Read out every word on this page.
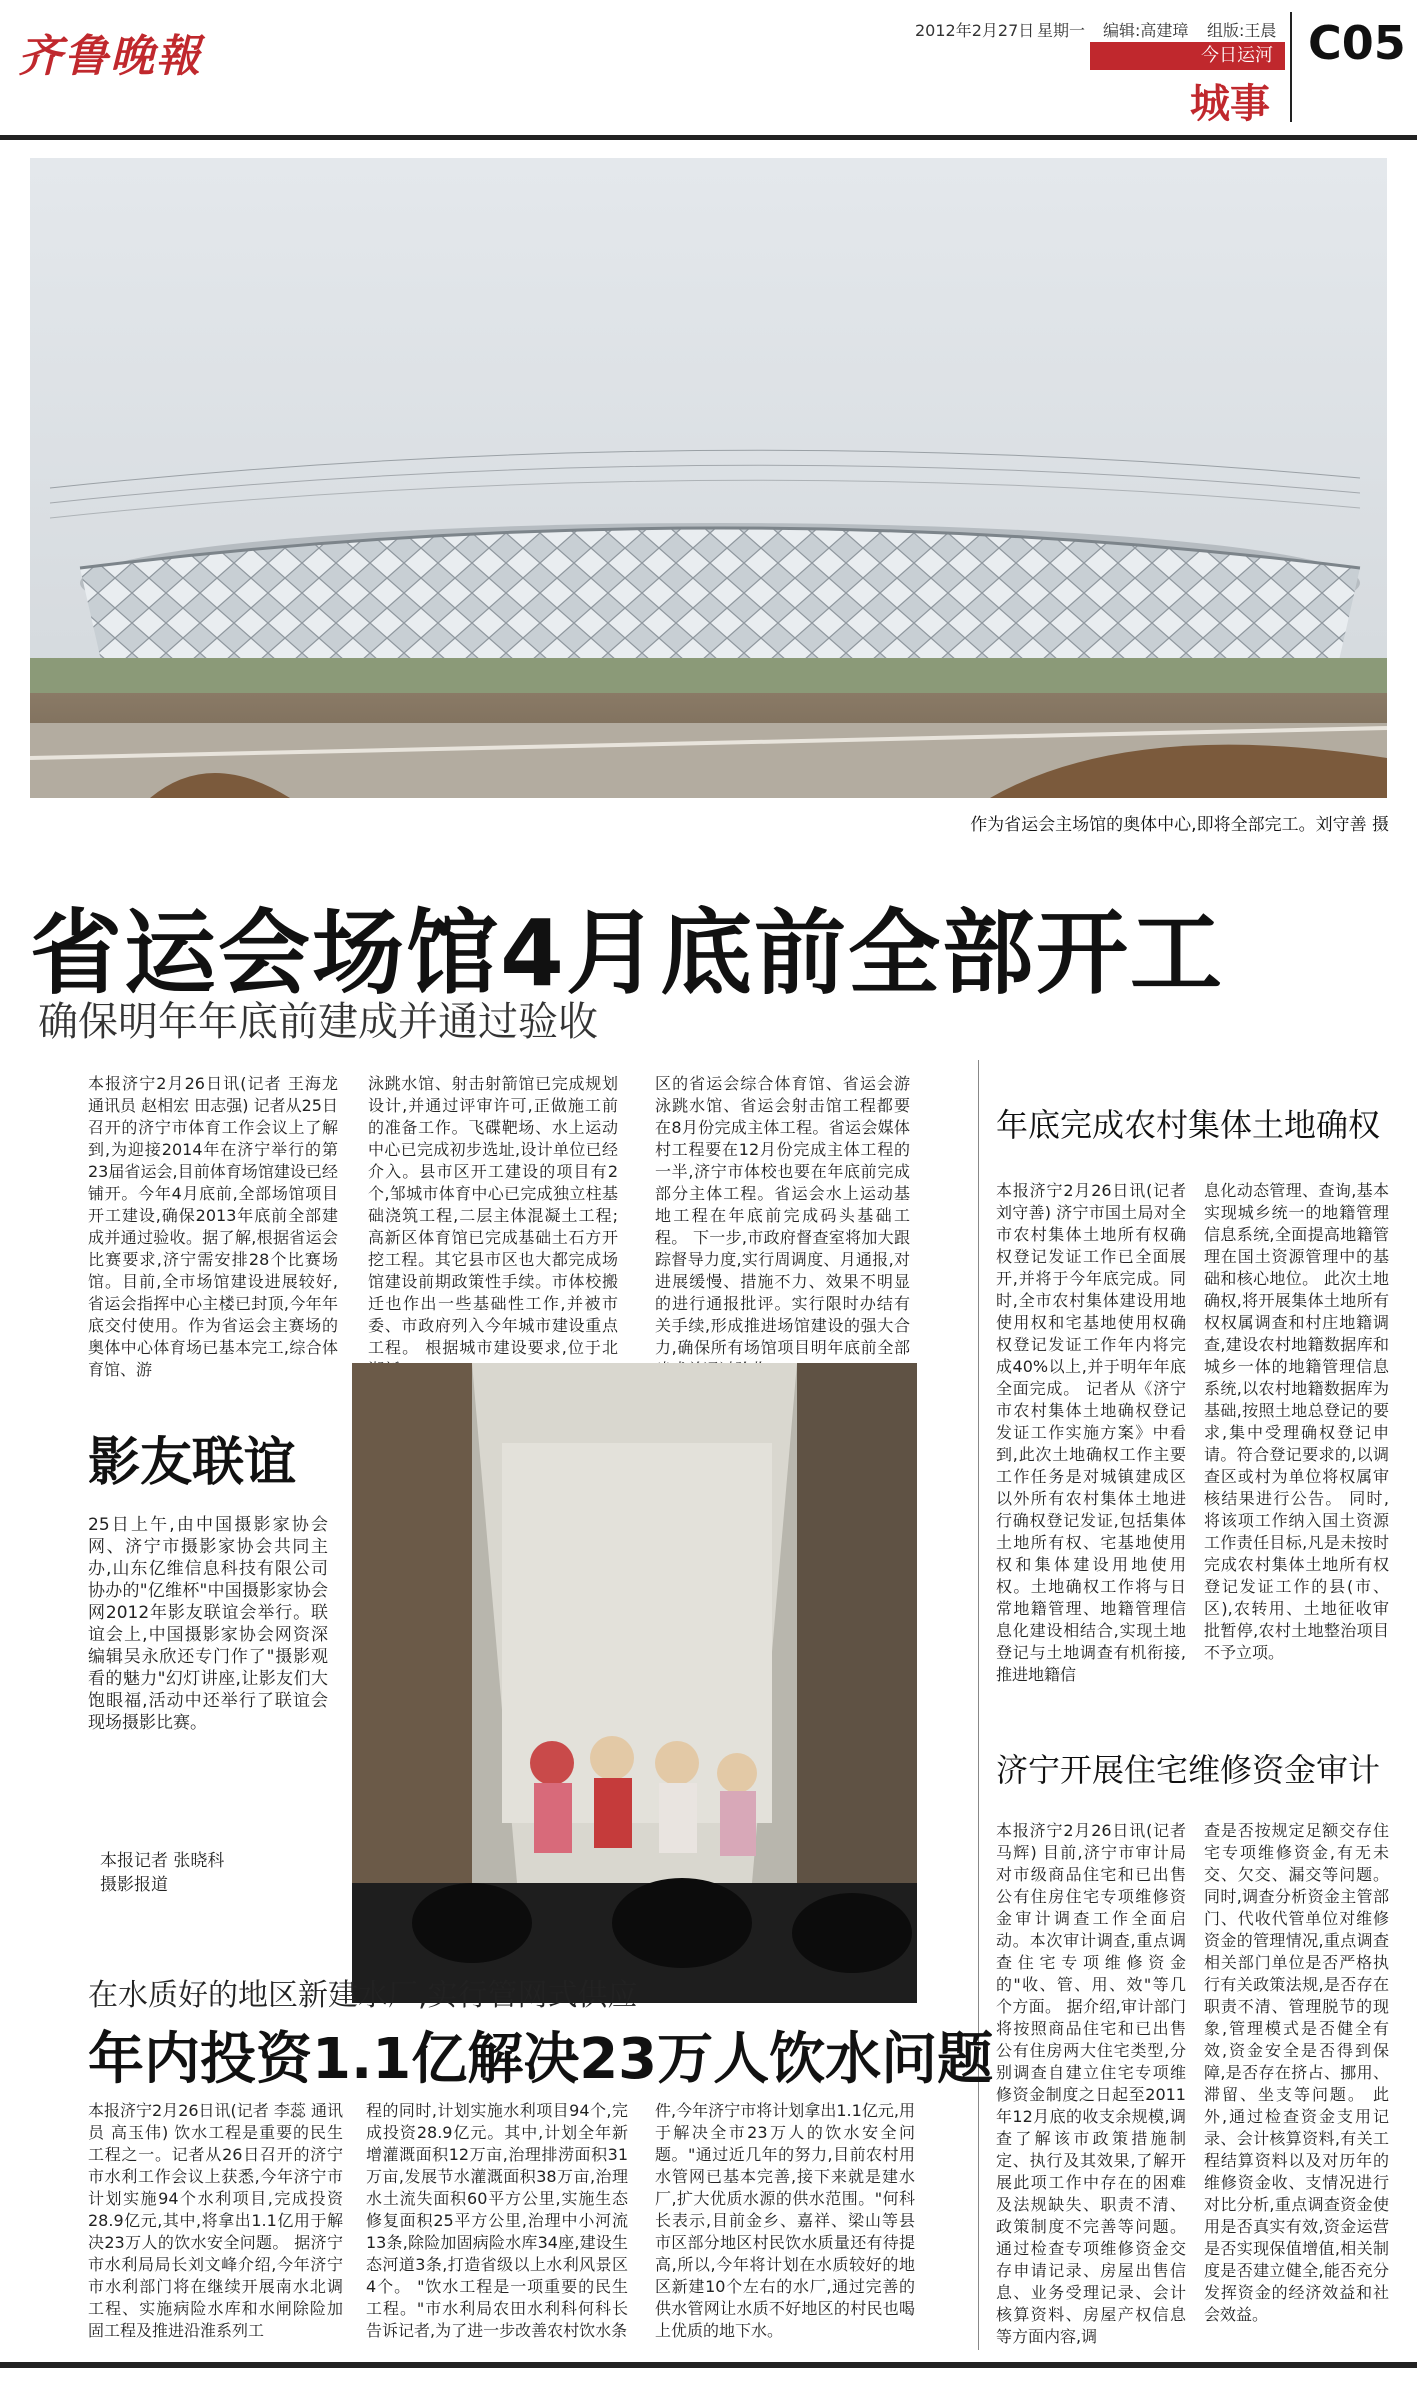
齐鲁晚報
2012年2月27日 星期一 编辑:高建璋 组版:王晨
今日运河
城事
C05
作为省运会主场馆的奥体中心,即将全部完工。刘守善 摄
省运会场馆4月底前全部开工
确保明年年底前建成并通过验收
本报济宁2月26日讯(记者 王海龙 通讯员 赵相宏 田志强) 记者从25日召开的济宁市体育工作会议上了解到,为迎接2014年在济宁举行的第23届省运会,目前体育场馆建设已经铺开。今年4月底前,全部场馆项目开工建设,确保2013年底前全部建成并通过验收。据了解,根据省运会比赛要求,济宁需安排28个比赛场馆。目前,全市场馆建设进展较好,省运会指挥中心主楼已封顶,今年年底交付使用。作为省运会主赛场的奥体中心体育场已基本完工,综合体育馆、游
泳跳水馆、射击射箭馆已完成规划设计,并通过评审许可,正做施工前的准备工作。飞碟靶场、水上运动中心已完成初步选址,设计单位已经介入。县市区开工建设的项目有2个,邹城市体育中心已完成独立柱基础浇筑工程,二层主体混凝土工程;高新区体育馆已完成基础土石方开挖工程。其它县市区也大都完成场馆建设前期政策性手续。市体校搬迁也作出一些基础性工作,并被市委、市政府列入今年城市建设重点工程。 根据城市建设要求,位于北
区的省运会综合体育馆、省运会游泳跳水馆、省运会射击馆工程都要在8月份完成主体工程。省运会媒体村工程要在12月份完成主体工程的一半,济宁市体校也要在年底前完成部分主体工程。省运会水上运动基地工程在年底前完成码头基础工程。 下一步,市政府督查室将加大跟踪督导力度,实行周调度、月通报,对进展缓慢、措施不力、效果不明显的进行通报批评。实行限时办结有关手续,形成推进场馆建设的强大合力,确保所有场馆项目明年底前全部
年底完成农村集体土地确权
本报济宁2月26日讯(记者 刘守善) 济宁市国土局对全市农村集体土地所有权确权登记发证工作已全面展开,并将于今年底完成。同时,全市农村集体建设用地使用权和宅基地使用权确权登记发证工作年内将完成40%以上,并于明年年底全面完成。 记者从《济宁市农村集体土地确权登记发证工作实施方案》中看到,此次土地确权工作主要工作任务是对城镇建成区以外所有农村集体土地进行确权登记发证,包括集体土地所有权、宅基地使用权和集体建设用地使用权。土地确权工作将与日常地籍管理、地籍管理信息化建设相结合,实现土地登记与土地调查有机衔接,推进地籍信
息化动态管理、查询,基本实现城乡统一的地籍管理信息系统,全面提高地籍管理在国土资源管理中的基础和核心地位。 此次土地确权,将开展集体土地所有权权属调查和村庄地籍调查,建设农村地籍数据库和城乡一体的地籍管理信息系统,以农村地籍数据库为基础,按照土地总登记的要求,集中受理确权登记申请。符合登记要求的,以调查区或村为单位将权属审核结果进行公告。 同时,将该项工作纳入国土资源工作责任目标,凡是未按时完成农村集体土地所有权登记发证工作的县(市、区),农转用、土地征收审批暂停,农村土地整治项目不予立项。
济宁开展住宅维修资金审计
本报济宁2月26日讯(记者 马辉) 目前,济宁市审计局对市级商品住宅和已出售公有住房住宅专项维修资金审计调查工作全面启动。本次审计调查,重点调查住宅专项维修资金的"收、管、用、效"等几个方面。 据介绍,审计部门将按照商品住宅和已出售公有住房两大住宅类型,分别调查自建立住宅专项维修资金制度之日起至2011年12月底的收支余规模,调查了解该市政策措施制定、执行及其效果,了解开展此项工作中存在的困难及法规缺失、职责不清、政策制度不完善等问题。 通过检查专项维修资金交存申请记录、房屋出售信息、业务受理记录、会计核算资料、房屋产权信息等方面内容,调
查是否按规定足额交存住宅专项维修资金,有无未交、欠交、漏交等问题。 同时,调查分析资金主管部门、代收代管单位对维修资金的管理情况,重点调查相关部门单位是否严格执行有关政策法规,是否存在职责不清、管理脱节的现象,管理模式是否健全有效,资金安全是否得到保障,是否存在挤占、挪用、滞留、坐支等问题。 此外,通过检查资金支用记录、会计核算资料,有关工程结算资料以及对历年的维修资金收、支情况进行对比分析,重点调查资金使用是否真实有效,资金运营是否实现保值增值,相关制度是否建立健全,能否充分发挥资金的经济效益和社会效益。
影友联谊
25日上午,由中国摄影家协会网、济宁市摄影家协会共同主办,山东亿维信息科技有限公司协办的"亿维杯"中国摄影家协会网2012年影友联谊会举行。联谊会上,中国摄影家协会网资深编辑吴永欣还专门作了"摄影观看的魅力"幻灯讲座,让影友们大饱眼福,活动中还举行了联谊会现场摄影比赛。
本报记者 张晓科
摄影报道
在水质好的地区新建水厂,实行管网式供应
年内投资1.1亿解决23万人饮水问题
本报济宁2月26日讯(记者 李蕊 通讯员 高玉伟) 饮水工程是重要的民生工程之一。记者从26日召开的济宁市水利工作会议上获悉,今年济宁市计划实施94个水利项目,完成投资28.9亿元,其中,将拿出1.1亿用于解决23万人的饮水安全问题。 据济宁市水利局局长刘文峰介绍,今年济宁市水利部门将在继续开展南水北调工程、实施病险水库和水闸除险加固工程及推进沿淮系列工
程的同时,计划实施水利项目94个,完成投资28.9亿元。其中,计划全年新增灌溉面积12万亩,治理排涝面积31万亩,发展节水灌溉面积38万亩,治理水土流失面积60平方公里,实施生态修复面积25平方公里,治理中小河流13条,除险加固病险水库34座,建设生态河道3条,打造省级以上水利风景区4个。 "饮水工程是一项重要的民生工程。"市水利局农田水利科何科长告诉记者,为了进一步改善农村饮水条
件,今年济宁市将计划拿出1.1亿元,用于解决全市23万人的饮水安全问题。"通过近几年的努力,目前农村用水管网已基本完善,接下来就是建水厂,扩大优质水源的供水范围。"何科长表示,目前金乡、嘉祥、梁山等县市区部分地区村民饮水质量还有待提高,所以,今年将计划在水质较好的地区新建10个左右的水厂,通过完善的供水管网让水质不好地区的村民也喝上优质的地下水。
